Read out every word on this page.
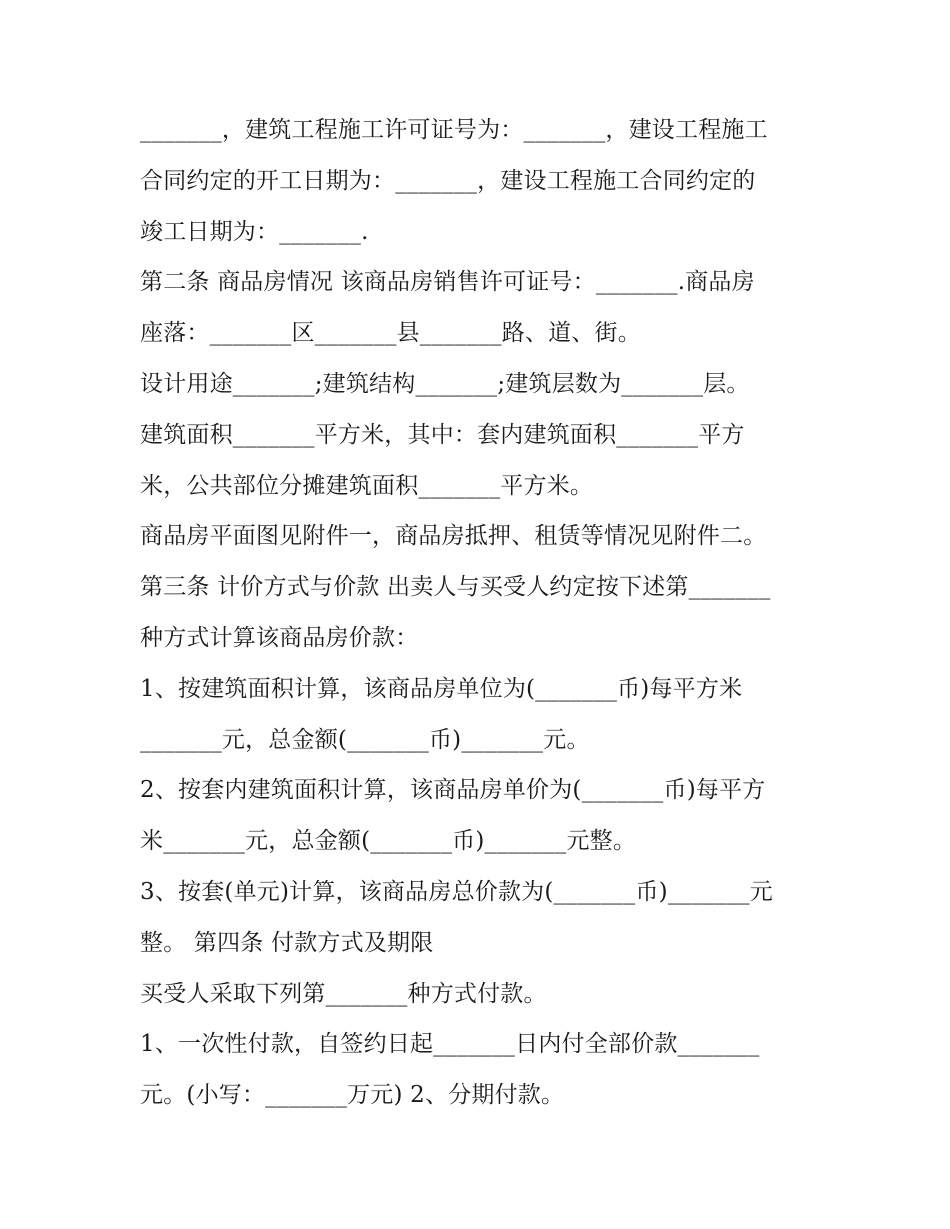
_______，建筑工程施工许可证号为：_______，建设工程施工
合同约定的开工日期为：_______，建设工程施工合同约定的
竣工日期为：_______.
第二条 商品房情况 该商品房销售许可证号：_______.商品房
座落：_______区_______县_______路、道、街。
设计用途_______;建筑结构_______;建筑层数为_______层。
建筑面积_______平方米，其中：套内建筑面积_______平方
米，公共部位分摊建筑面积_______平方米。
商品房平面图见附件一，商品房抵押、租赁等情况见附件二。
第三条 计价方式与价款 出卖人与买受人约定按下述第_______
种方式计算该商品房价款：
1、按建筑面积计算，该商品房单位为(_______币)每平方米
_______元，总金额(_______币)_______元。
2、按套内建筑面积计算，该商品房单价为(_______币)每平方
米_______元，总金额(_______币)_______元整。
3、按套(单元)计算，该商品房总价款为(_______币)_______元
整。 第四条 付款方式及期限
买受人采取下列第_______种方式付款。
1、一次性付款，自签约日起_______日内付全部价款_______
元。(小写：_______万元) 2、分期付款。
